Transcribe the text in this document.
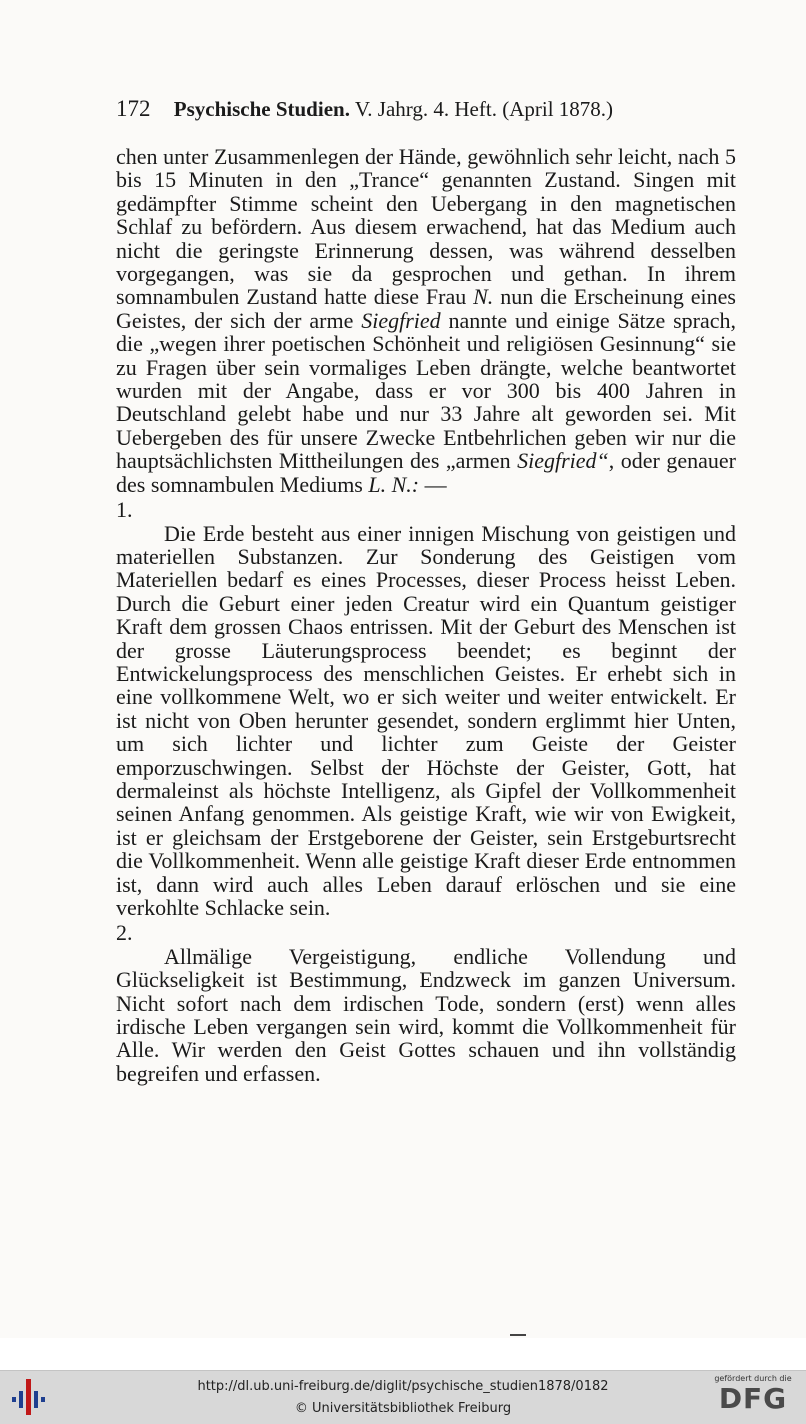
172 Psychische Studien. V. Jahrg. 4. Heft. (April 1878.)

chen unter Zusammenlegen der Hände, gewöhnlich sehr leicht, nach 5 bis 15 Minuten in den „Trance“ genannten Zustand. Singen mit gedämpfter Stimme scheint den Uebergang in den magnetischen Schlaf zu befördern. Aus diesem erwachend, hat das Medium auch nicht die geringste Erinnerung dessen, was während desselben vorgegangen, was sie da gesprochen und gethan. In ihrem somnambulen Zustand hatte diese Frau N. nun die Erscheinung eines Geistes, der sich der arme Siegfried nannte und einige Sätze sprach, die „wegen ihrer poetischen Schönheit und religiösen Gesinnung“ sie zu Fragen über sein vormaliges Leben drängte, welche beantwortet wurden mit der Angabe, dass er vor 300 bis 400 Jahren in Deutschland gelebt habe und nur 33 Jahre alt geworden sei. Mit Uebergeben des für unsere Zwecke Entbehrlichen geben wir nur die hauptsächlichsten Mittheilungen des „armen Siegfried“, oder genauer des somnambulen Mediums L. N.: —

1.

Die Erde besteht aus einer innigen Mischung von geistigen und materiellen Substanzen. Zur Sonderung des Geistigen vom Materiellen bedarf es eines Processes, dieser Process heisst Leben. Durch die Geburt einer jeden Creatur wird ein Quantum geistiger Kraft dem grossen Chaos entrissen. Mit der Geburt des Menschen ist der grosse Läuterungsprocess beendet; es beginnt der Entwickelungsprocess des menschlichen Geistes. Er erhebt sich in eine vollkommene Welt, wo er sich weiter und weiter entwickelt. Er ist nicht von Oben herunter gesendet, sondern erglimmt hier Unten, um sich lichter und lichter zum Geiste der Geister emporzuschwingen. Selbst der Höchste der Geister, Gott, hat dermaleinst als höchste Intelligenz, als Gipfel der Vollkommenheit seinen Anfang genommen. Als geistige Kraft, wie wir von Ewigkeit, ist er gleichsam der Erstgeborene der Geister, sein Erstgeburtsrecht die Vollkommenheit. Wenn alle geistige Kraft dieser Erde entnommen ist, dann wird auch alles Leben darauf erlöschen und sie eine verkohlte Schlacke sein.

2.

Allmälige Vergeistigung, endliche Vollendung und Glückseligkeit ist Bestimmung, Endzweck im ganzen Universum. Nicht sofort nach dem irdischen Tode, sondern (erst) wenn alles irdische Leben vergangen sein wird, kommt die Vollkommenheit für Alle. Wir werden den Geist Gottes schauen und ihn vollständig begreifen und erfassen.

http://dl.ub.uni-freiburg.de/diglit/psychische_studien1878/0182
© Universitätsbibliothek Freiburg
gefördert durch die
DFG
